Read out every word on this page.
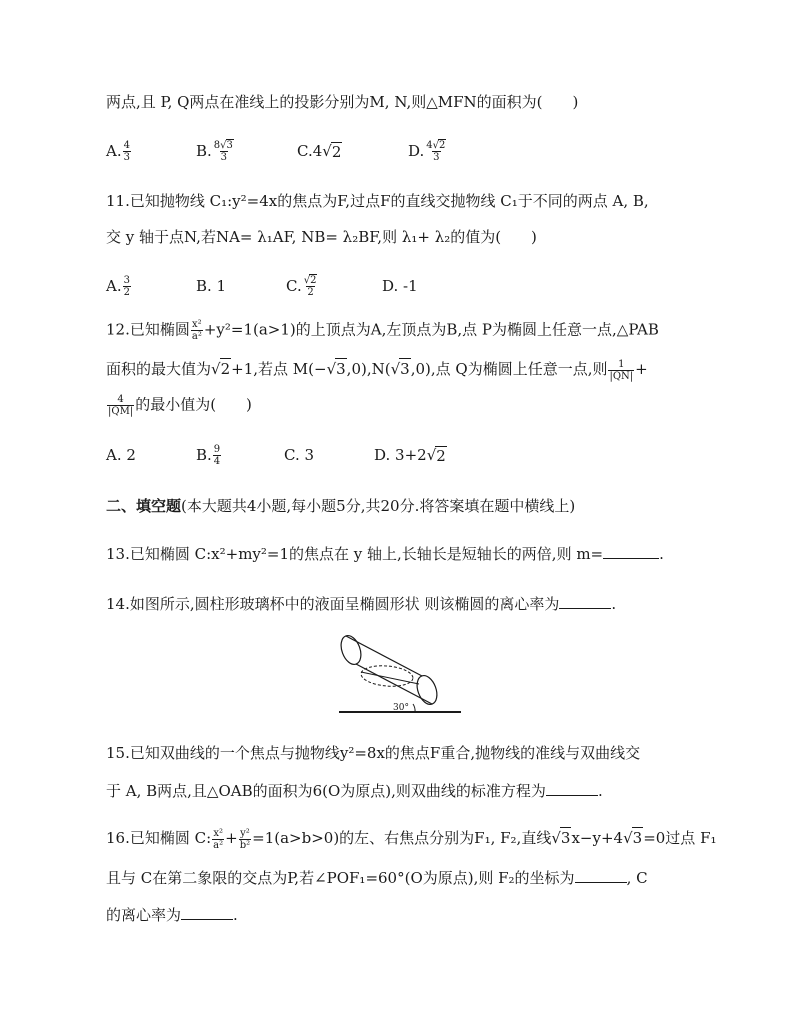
两点,且 P, Q两点在准线上的投影分别为M, N,则△MFN的面积为(　　)
A. $\frac{4}{3}$	B. $\frac{8√3}{3}$	C. 4 √ 2	D. $\frac{4√2}{3}$
11.已知抛物线 C₁:y²=4x的焦点为F,过点F的直线交抛物线 C₁于不同的两点 A, B,
交 y 轴于点N,若NA= λ₁AF, NB= λ₂BF,则 λ₁+ λ₂的值为(　　)
A. $\frac{3}{2}$	B. 1	C. $\frac{√2}{2}$	D. -1
12.已知椭圆 $\frac{\text{x²}}{\text{a²}} +y^2=1(a>1)$的上顶点为A,左顶点为B,点 P为椭圆上任意一点,△PAB
面积的最大值为√2+1,若点 M(−√3,0),N(√3,0),点 Q为椭圆上任意一点,则 $\frac{1}{|QN|}$ +
$\frac{4}{|QM|}$ 的最小值为(　　)
A. 2	B. $\frac{9}{4}$	C. 3	D. 3+2 √ 2
二、填空题(本大题共4小题,每小题5分,共20分.将答案填在题中横线上)
13.已知椭圆 C:x²+my²=1的焦点在 y 轴上,长轴长是短轴长的两倍,则 m=	.
14.如图所示,圆柱形玻璃杯中的液面呈椭圆形状 则该椭圆的离心率为	.
30°
15.已知双曲线的一个焦点与抛物线y²=8x的焦点F重合,抛物线的准线与双曲线交
于 A, B两点,且△OAB的面积为6(O为原点),则双曲线的标准方程为	.
16.已知椭圆 C: $\frac{\text{x²}}{\text{a²}} + \frac{\text{y²}}{\text{b²}} =1(a>b>0)$的左、右焦点分别为F₁, F₂,直线√3x−y+4√3=0过点 F₁
且与 C在第二象限的交点为P,若∠POF₁=60°(O为原点),则 F₂的坐标为	, C
的离心率为	.
